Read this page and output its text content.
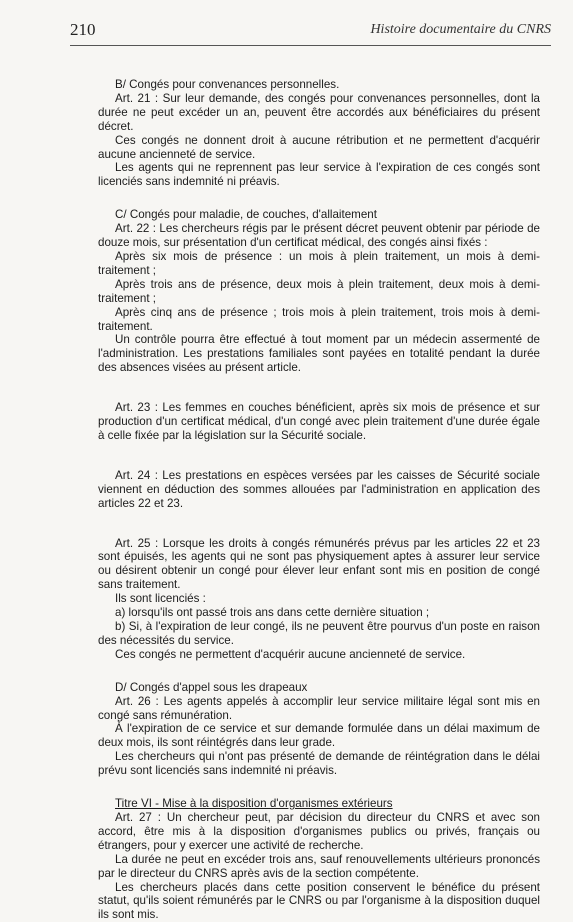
210	Histoire documentaire du CNRS

B/ Congés pour convenances personnelles.

Art. 21 : Sur leur demande, des congés pour convenances personnelles, dont la durée ne peut excéder un an, peuvent être accordés aux bénéficiaires du présent décret.

Ces congés ne donnent droit à aucune rétribution et ne permettent d'acquérir aucune ancienneté de service.

Les agents qui ne reprennent pas leur service à l'expiration de ces congés sont licenciés sans indemnité ni préavis.

C/ Congés pour maladie, de couches, d'allaitement

Art. 22 : Les chercheurs régis par le présent décret peuvent obtenir par période de douze mois, sur présentation d'un certificat médical, des congés ainsi fixés :

Après six mois de présence : un mois à plein traitement, un mois à demi-traitement ;

Après trois ans de présence, deux mois à plein traitement, deux mois à demi-traitement ;

Après cinq ans de présence ; trois mois à plein traitement, trois mois à demi-traitement.

Un contrôle pourra être effectué à tout moment par un médecin assermenté de l'administration. Les prestations familiales sont payées en totalité pendant la durée des absences visées au présent article.

Art. 23 : Les femmes en couches bénéficient, après six mois de présence et sur production d'un certificat médical, d'un congé avec plein traitement d'une durée égale à celle fixée par la législation sur la Sécurité sociale.

Art. 24 : Les prestations en espèces versées par les caisses de Sécurité sociale viennent en déduction des sommes allouées par l'administration en application des articles 22 et 23.

Art. 25 : Lorsque les droits à congés rémunérés prévus par les articles 22 et 23 sont épuisés, les agents qui ne sont pas physiquement aptes à assurer leur service ou désirent obtenir un congé pour élever leur enfant sont mis en position de congé sans traitement.

Ils sont licenciés :

a) lorsqu'ils ont passé trois ans dans cette dernière situation ;

b) Si, à l'expiration de leur congé, ils ne peuvent être pourvus d'un poste en raison des nécessités du service.

Ces congés ne permettent d'acquérir aucune ancienneté de service.

D/ Congés d'appel sous les drapeaux

Art. 26 : Les agents appelés à accomplir leur service militaire légal sont mis en congé sans rémunération.

À l'expiration de ce service et sur demande formulée dans un délai maximum de deux mois, ils sont réintégrés dans leur grade.

Les chercheurs qui n'ont pas présenté de demande de réintégration dans le délai prévu sont licenciés sans indemnité ni préavis.

Titre VI - Mise à la disposition d'organismes extérieurs

Art. 27 : Un chercheur peut, par décision du directeur du CNRS et avec son accord, être mis à la disposition d'organismes publics ou privés, français ou étrangers, pour y exercer une activité de recherche.

La durée ne peut en excéder trois ans, sauf renouvellements ultérieurs prononcés par le directeur du CNRS après avis de la section compétente.

Les chercheurs placés dans cette position conservent le bénéfice du présent statut, qu'ils soient rémunérés par le CNRS ou par l'organisme à la disposition duquel ils sont mis.
